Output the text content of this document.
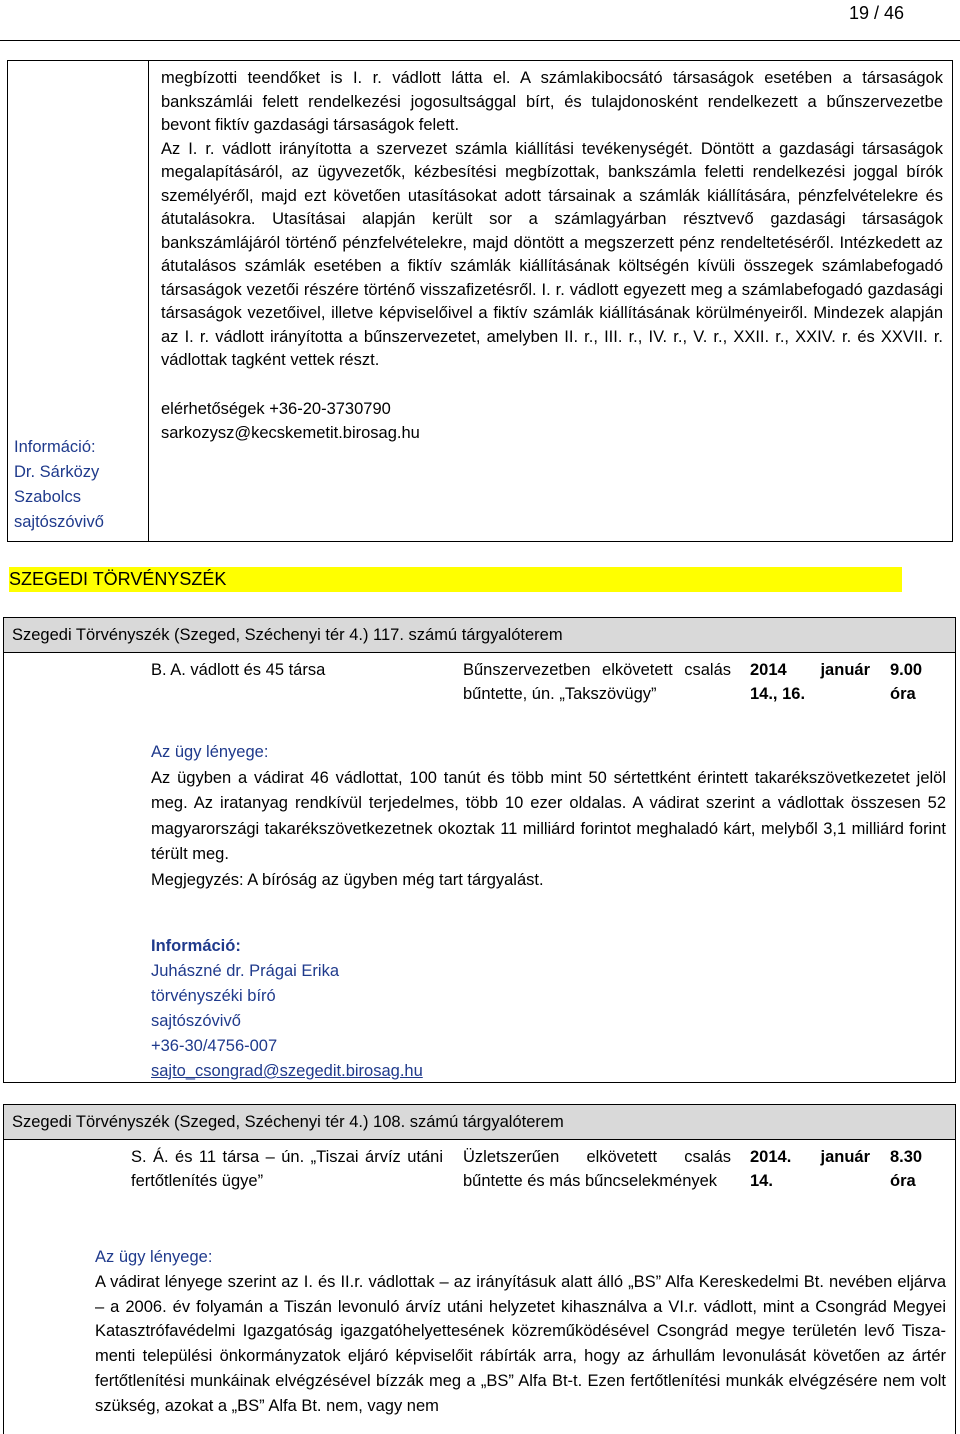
19 / 46
Információ:
Dr. Sárközy
Szabolcs
sajtószóvivő
megbízotti teendőket is I. r. vádlott látta el. A számlakibocsátó társaságok esetében a társaságok bankszámlái felett rendelkezési jogosultsággal bírt, és tulajdonosként rendelkezett a bűnszervezetbe bevont fiktív gazdasági társaságok felett.
Az I. r. vádlott irányította a szervezet számla kiállítási tevékenységét. Döntött a gazdasági társaságok megalapításáról, az ügyvezetők, kézbesítési megbízottak, bankszámla feletti rendelkezési joggal bírók személyéről, majd ezt követően utasításokat adott társainak a számlák kiállítására, pénzfelvételekre és átutalásokra. Utasításai alapján került sor a számlagyárban résztvevő gazdasági társaságok bankszámlájáról történő pénzfelvételekre, majd döntött a megszerzett pénz rendeltetéséről. Intézkedett az átutalásos számlák esetében a fiktív számlák kiállításának költségén kívüli összegek számlabefogadó társaságok vezetői részére történő visszafizetésről. I. r. vádlott egyezett meg a számlabefogadó gazdasági társaságok vezetőivel, illetve képviselőivel a fiktív számlák kiállításának körülményeiről. Mindezek alapján az I. r. vádlott irányította a bűnszervezetet, amelyben II. r., III. r., IV. r., V. r., XXII. r., XXIV. r. és XXVII. r. vádlottak tagként vettek részt.
elérhetőségek +36-20-3730790
sarkozysz@kecskemetit.birosag.hu
SZEGEDI TÖRVÉNYSZÉK
Szegedi Törvényszék (Szeged, Széchenyi tér 4.) 117. számú tárgyalóterem
B. A. vádlott és 45 társa	Bűnszervezetben elkövetett csalás bűntette, ún. „Takszövügy”
2014 január 14., 16.
9.00 óra
Az ügy lényege:
Az ügyben a vádirat 46 vádlottat, 100 tanút és több mint 50 sértettként érintett takarékszövetkezetet jelöl meg. Az iratanyag rendkívül terjedelmes, több 10 ezer oldalas. A vádirat szerint a vádlottak összesen 52 magyarországi takarékszövetkezetnek okoztak 11 milliárd forintot meghaladó kárt, melyből 3,1 milliárd forint térült meg.
Megjegyzés: A bíróság az ügyben még tart tárgyalást.
Információ:
Juhászné dr. Prágai Erika
törvényszéki bíró
sajtószóvivő
+36-30/4756-007
sajto_csongrad@szegedit.birosag.hu
Szegedi Törvényszék (Szeged, Széchenyi tér 4.) 108. számú tárgyalóterem
S. Á. és 11 társa – ún. „Tiszai árvíz utáni fertőtlenítés ügye”
Üzletszerűen elkövetett csalás bűntette és más bűncselekmények
2014. január 14.
8.30 óra
Az ügy lényege:
A vádirat lényege szerint az I. és II.r. vádlottak – az irányításuk alatt álló „BS” Alfa Kereskedelmi Bt. nevében eljárva – a 2006. év folyamán a Tiszán levonuló árvíz utáni helyzetet kihasználva a VI.r. vádlott, mint a Csongrád Megyei Katasztrófavédelmi Igazgatóság igazgatóhelyettesének közreműködésével Csongrád megye területén levő Tisza-menti települési önkormányzatok eljáró képviselőit rábírták arra, hogy az árhullám levonulását követően az ártér fertőtlenítési munkáinak elvégzésével bízzák meg a „BS” Alfa Bt-t. Ezen fertőtlenítési munkák elvégzésére nem volt szükség, azokat a „BS” Alfa Bt. nem, vagy nem
